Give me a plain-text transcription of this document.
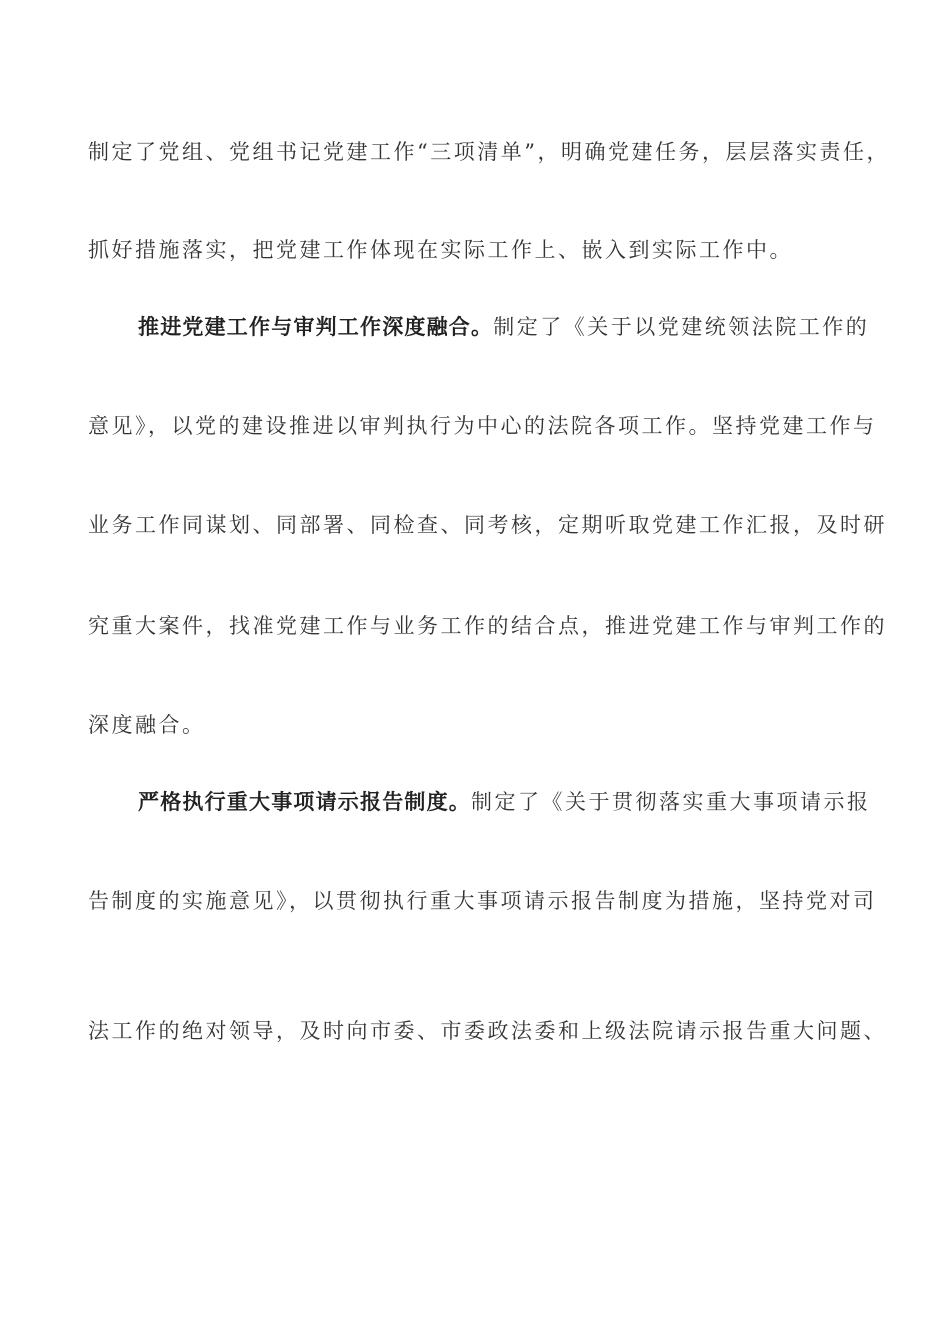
制定了党组、党组书记党建工作“三项清单”，明确党建任务，层层落实责任，
抓好措施落实，把党建工作体现在实际工作上、嵌入到实际工作中。
推进党建工作与审判工作深度融合。制定了《关于以党建统领法院工作的
意见》，以党的建设推进以审判执行为中心的法院各项工作。坚持党建工作与
业务工作同谋划、同部署、同检查、同考核，定期听取党建工作汇报，及时研
究重大案件，找准党建工作与业务工作的结合点，推进党建工作与审判工作的
深度融合。
严格执行重大事项请示报告制度。制定了《关于贯彻落实重大事项请示报
告制度的实施意见》，以贯彻执行重大事项请示报告制度为措施，坚持党对司
法工作的绝对领导，及时向市委、市委政法委和上级法院请示报告重大问题、
